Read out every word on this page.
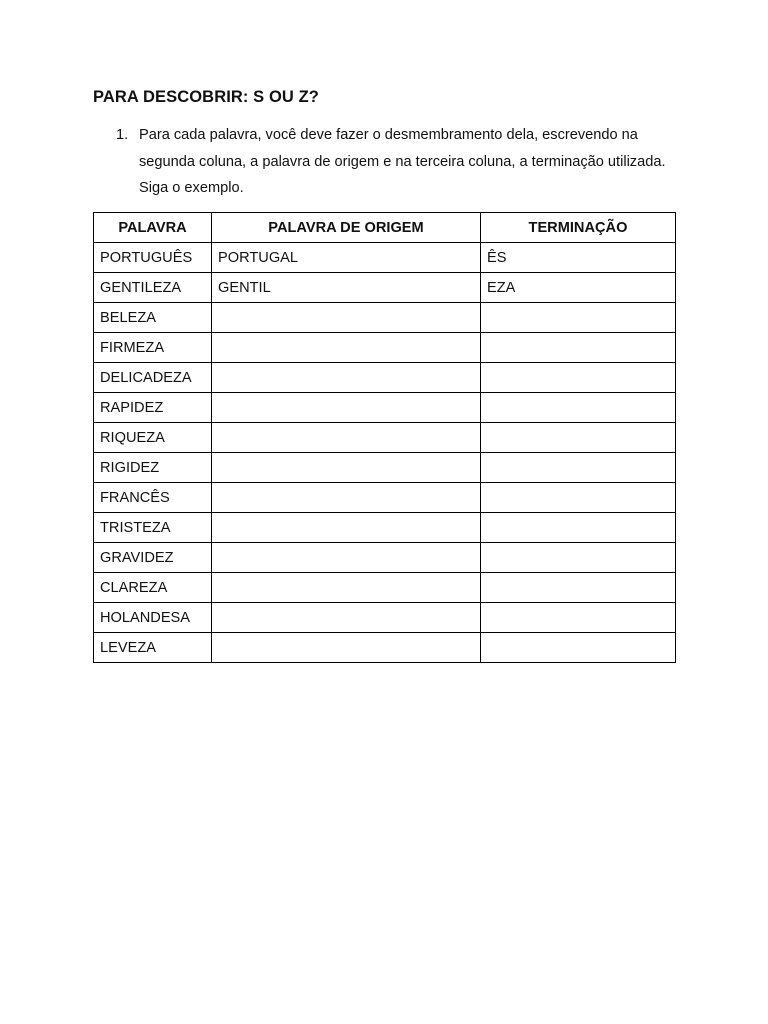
PARA DESCOBRIR: S OU Z?
1. Para cada palavra, você deve fazer o desmembramento dela, escrevendo na segunda coluna, a palavra de origem e na terceira coluna, a terminação utilizada. Siga o exemplo.
PALAVRA	PALAVRA DE ORIGEM	TERMINAÇÃO
PORTUGUÊS	PORTUGAL	ÊS
GENTILEZA	GENTIL	EZA
BELEZA		
FIRMEZA		
DELICADEZA		
RAPIDEZ		
RIQUEZA		
RIGIDEZ		
FRANCÊS		
TRISTEZA		
GRAVIDEZ		
CLAREZA		
HOLANDESA		
LEVEZA		
